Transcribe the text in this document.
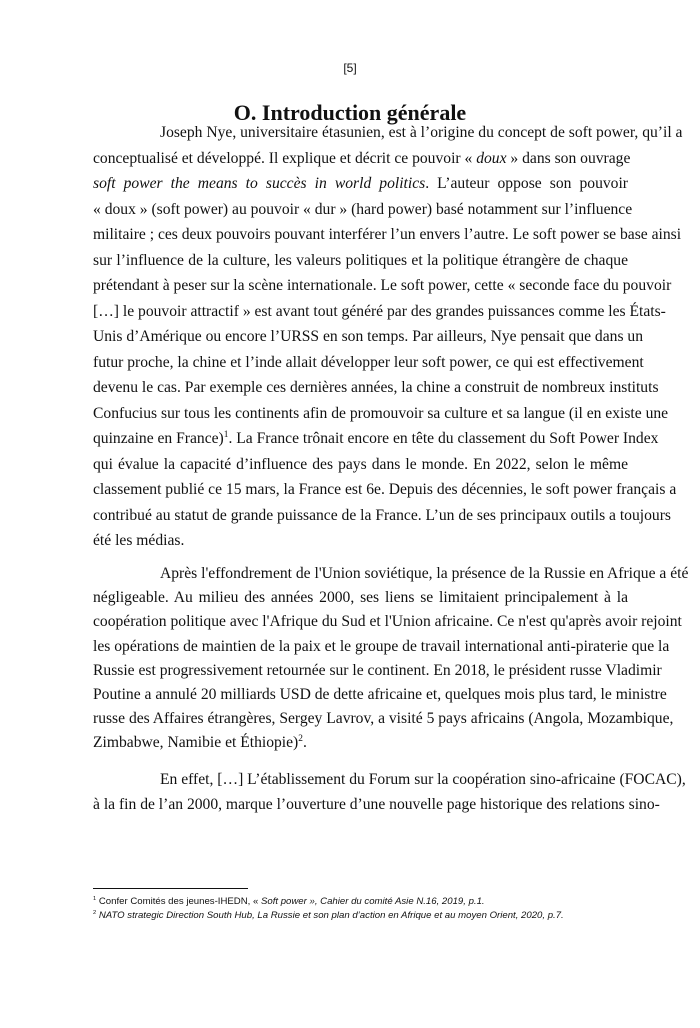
[5]
O. Introduction générale
Joseph Nye, universitaire étasunien, est à l’origine du concept de soft power, qu’il a
conceptualisé et développé. Il explique et décrit ce pouvoir « doux » dans son ouvrage
soft power the means to succès in world politics. L’auteur oppose son pouvoir
« doux » (soft power) au pouvoir « dur » (hard power) basé notamment sur l’influence
militaire ; ces deux pouvoirs pouvant interférer l’un envers l’autre. Le soft power se base ainsi
sur l’influence de la culture, les valeurs politiques et la politique étrangère de chaque
prétendant à peser sur la scène internationale. Le soft power, cette « seconde face du pouvoir
[…] le pouvoir attractif » est avant tout généré par des grandes puissances comme les États-
Unis d’Amérique ou encore l’URSS en son temps. Par ailleurs, Nye pensait que dans un
futur proche, la chine et l’inde allait développer leur soft power, ce qui est effectivement
devenu le cas. Par exemple ces dernières années, la chine a construit de nombreux instituts
Confucius sur tous les continents afin de promouvoir sa culture et sa langue (il en existe une
quinzaine en France)$^1$. La France trônait encore en tête du classement du Soft Power Index
qui évalue la capacité d’influence des pays dans le monde. En 2022, selon le même
classement publié ce 15 mars, la France est 6e. Depuis des décennies, le soft power français a
contribué au statut de grande puissance de la France. L’un de ses principaux outils a toujours
été les médias.
Après l'effondrement de l'Union soviétique, la présence de la Russie en Afrique a été
négligeable. Au milieu des années 2000, ses liens se limitaient principalement à la
coopération politique avec l'Afrique du Sud et l'Union africaine. Ce n'est qu'après avoir rejoint
les opérations de maintien de la paix et le groupe de travail international anti-piraterie que la
Russie est progressivement retournée sur le continent. En 2018, le président russe Vladimir
Poutine a annulé 20 milliards USD de dette africaine et, quelques mois plus tard, le ministre
russe des Affaires étrangères, Sergey Lavrov, a visité 5 pays africains (Angola, Mozambique,
Zimbabwe, Namibie et Éthiopie)$^2$.
En effet, […] L’établissement du Forum sur la coopération sino-africaine (FOCAC),
à la fin de l’an 2000, marque l’ouverture d’une nouvelle page historique des relations sino-
$^1$ Confer Comités des jeunes-IHEDN, « Soft power », Cahier du comité Asie N.16, 2019, p.1.
$^2$ NATO strategic Direction South Hub, La Russie et son plan d’action en Afrique et au moyen Orient, 2020, p.7.
